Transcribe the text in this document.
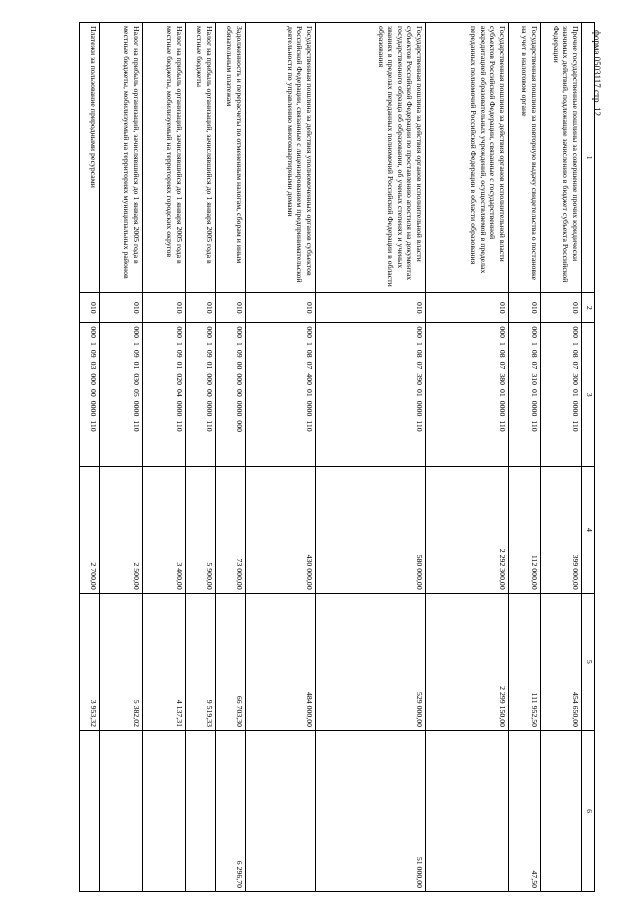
форма 0503117 стр. 12
1	2	3	4	5	6
Прочие государственные пошлины за совершение прочих юридически значимых действий, подлежащие зачислению в бюджет субъекта Российской Федерации	010	000 1 08 07 300 01 0000 110	399 000,00	454 650,00	
Государственная пошлина за повторную выдачу свидетельства о постановке на учет в налоговом органе	010	000 1 08 07 310 01 0000 110	112 000,00	111 952,50	47,50
Государственная пошлина за действия органов исполнительной власти субъектов Российской Федерации, связанные с государственной аккредитацией образовательных учреждений, осуществляемой в пределах переданных полномочий Российской Федерации в области образования	010	000 1 08 07 380 01 0000 110	2 292 300,00	2 299 150,00	
Государственная пошлина за действия органов исполнительной власти субъектов Российской Федерации по проставлению апостиля на документах государственного образца об образовании, об ученых степенях и ученых званиях в пределах переданных полномочий Российской Федерации в области образования	010	000 1 08 07 390 01 0000 110	580 000,00	529 000,00	51 000,00
Государственная пошлина за действия уполномоченных органов субъектов Российской Федерации, связанные с лицензированием предпринимательской деятельности по управлению многоквартирными домами	010	000 1 08 07 400 01 0000 110	430 000,00	484 000,00	
Задолженность и перерасчеты по отмененным налогам, сборам и иным обязательным платежам	010	000 1 09 00 000 00 0000 000	73 000,00	66 703,30	6 296,70
Налог на прибыль организаций, зачислявшийся до 1 января 2005 года в местные бюджеты	010	000 1 09 01 000 00 0000 110	5 900,00	9 519,33	
Налог на прибыль организаций, зачислявшийся до 1 января 2005 года в местные бюджеты, мобилизуемый на территориях городских округов	010	000 1 09 01 020 04 0000 110	3 400,00	4 137,31	
Налог на прибыль организаций, зачислявшийся до 1 января 2005 года в местные бюджеты, мобилизуемый на территориях муниципальных районов	010	000 1 09 01 030 05 0000 110	2 500,00	5 382,02	
Платежи за пользование природными ресурсами	010	000 1 09 03 000 00 0000 110	2 700,00	3 953,32	
